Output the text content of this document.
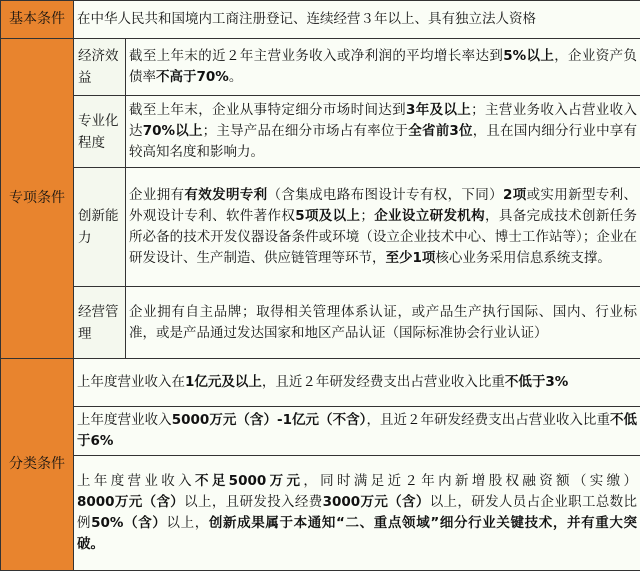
基本条件	在中华人民共和国境内工商注册登记、连续经营３年以上、具有独立法人资格	
专项条件	经济效益	截至上年末的近２年主营业务收入或净利润的平均增长率达到5%以上，企业资产负债率不高于70%。
	专业化程度	截至上年末，企业从事特定细分市场时间达到3年及以上；主营业务收入占营业收入达70%以上；主导产品在细分市场占有率位于全省前3位，且在国内细分行业中享有较高知名度和影响力。
	创新能力	企业拥有有效发明专利（含集成电路布图设计专有权，下同）2项或实用新型专利、外观设计专利、软件著作权5项及以上；企业设立研发机构，具备完成技术创新任务所必备的技术开发仪器设备条件或环境（设立企业技术中心、博士工作站等）；企业在研发设计、生产制造、供应链管理等环节，至少1项核心业务采用信息系统支撑。
	经营管理	企业拥有自主品牌；取得相关管理体系认证，或产品生产执行国际、国内、行业标准，或是产品通过发达国家和地区产品认证（国际标准协会行业认证）
分类条件	上年度营业收入在1亿元及以上，且近２年研发经费支出占营业收入比重不低于3%	
	上年度营业收入5000万元（含）-1亿元（不含），且近２年研发经费支出占营业收入比重不低于6%	
	上年度营业收入不足5000万元，同时满足近２年内新增股权融资额（实缴）8000万元（含）以上，且研发投入经费3000万元（含）以上，研发人员占企业职工总数比例50%（含）以上，创新成果属于本通知“二、重点领域”细分行业关键技术，并有重大突破。	
